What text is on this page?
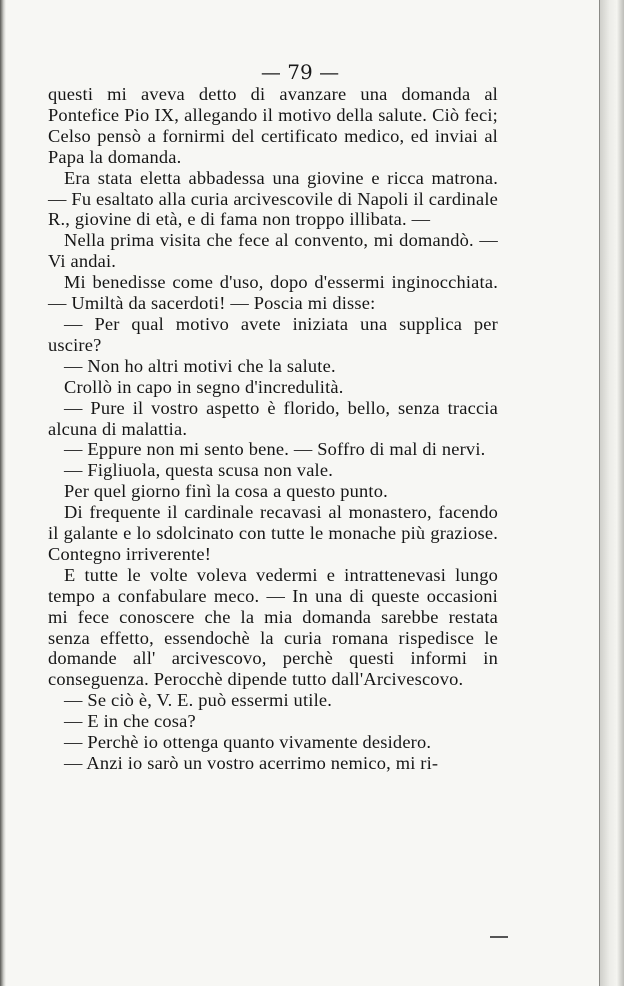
— 79 —

questi mi aveva detto di avanzare una domanda al Pontefice Pio IX, allegando il motivo della salute. Ciò feci; Celso pensò a fornirmi del certificato medico, ed inviai al Papa la domanda.

Era stata eletta abbadessa una giovine e ricca matrona. — Fu esaltato alla curia arcivescovile di Napoli il cardinale R., giovine di età, e di fama non troppo illibata. —

Nella prima visita che fece al convento, mi domandò. — Vi andai.

Mi benedisse come d'uso, dopo d'essermi inginocchiata. — Umiltà da sacerdoti! — Poscia mi disse:

— Per qual motivo avete iniziata una supplica per uscire?

— Non ho altri motivi che la salute.

Crollò in capo in segno d'incredulità.

— Pure il vostro aspetto è florido, bello, senza traccia alcuna di malattia.

— Eppure non mi sento bene. — Soffro di mal di nervi.

— Figliuola, questa scusa non vale.

Per quel giorno finì la cosa a questo punto.

Di frequente il cardinale recavasi al monastero, facendo il galante e lo sdolcinato con tutte le monache più graziose. Contegno irriverente!

E tutte le volte voleva vedermi e intrattenevasi lungo tempo a confabulare meco. — In una di queste occasioni mi fece conoscere che la mia domanda sarebbe restata senza effetto, essendochè la curia romana rispedisce le domande all' arcivescovo, perchè questi informi in conseguenza. Perocchè dipende tutto dall'Arcivescovo.

— Se ciò è, V. E. può essermi utile.

— E in che cosa?

— Perchè io ottenga quanto vivamente desidero.

— Anzi io sarò un vostro acerrimo nemico, mi ri-
